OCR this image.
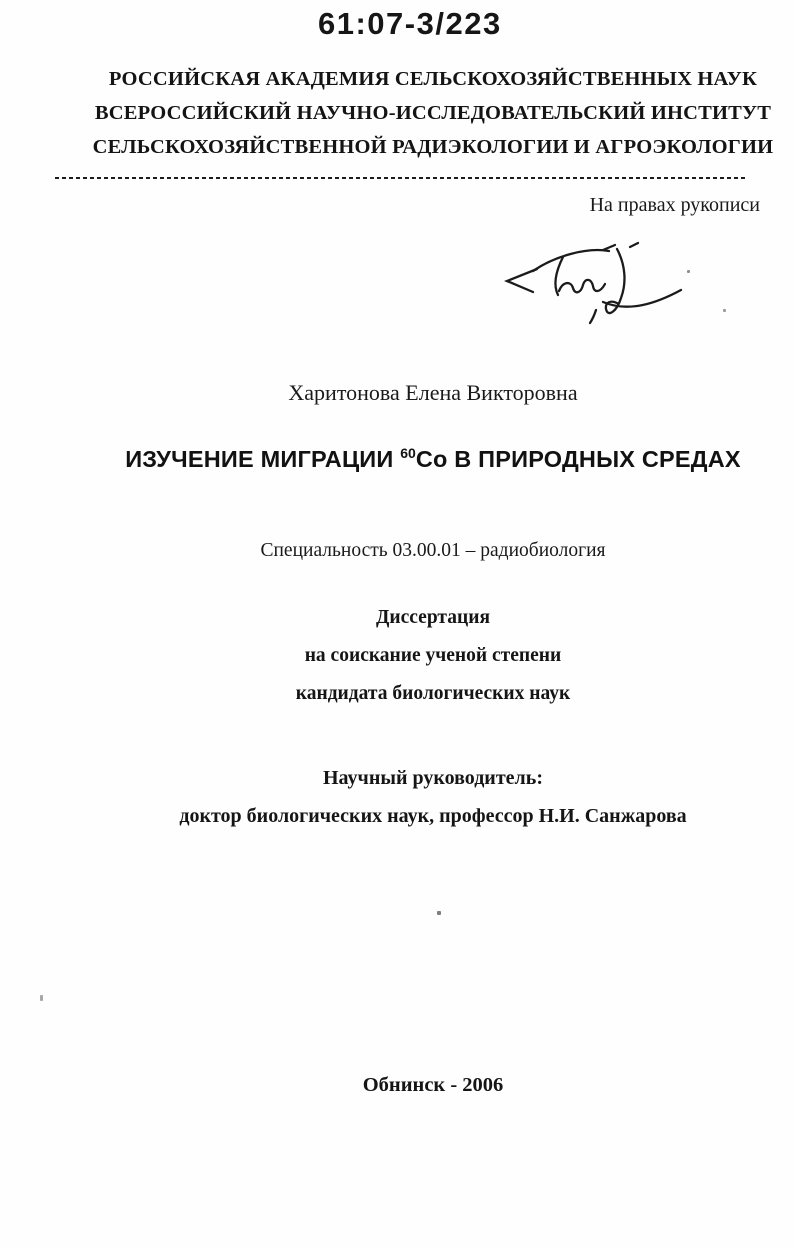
61:07-3/223
РОССИЙСКАЯ АКАДЕМИЯ СЕЛЬСКОХОЗЯЙСТВЕННЫХ НАУК
ВСЕРОССИЙСКИЙ НАУЧНО-ИССЛЕДОВАТЕЛЬСКИЙ ИНСТИТУТ
СЕЛЬСКОХОЗЯЙСТВЕННОЙ РАДИЭКОЛОГИИ И АГРОЭКОЛОГИИ
На правах рукописи
Харитонова Елена Викторовна
ИЗУЧЕНИЕ МИГРАЦИИ $^{60}$Co В ПРИРОДНЫХ СРЕДАХ
Специальность 03.00.01 – радиобиология
Диссертация
на соискание ученой степени
кандидата биологических наук
Научный руководитель:
доктор биологических наук, профессор Н.И. Санжарова
Обнинск - 2006
